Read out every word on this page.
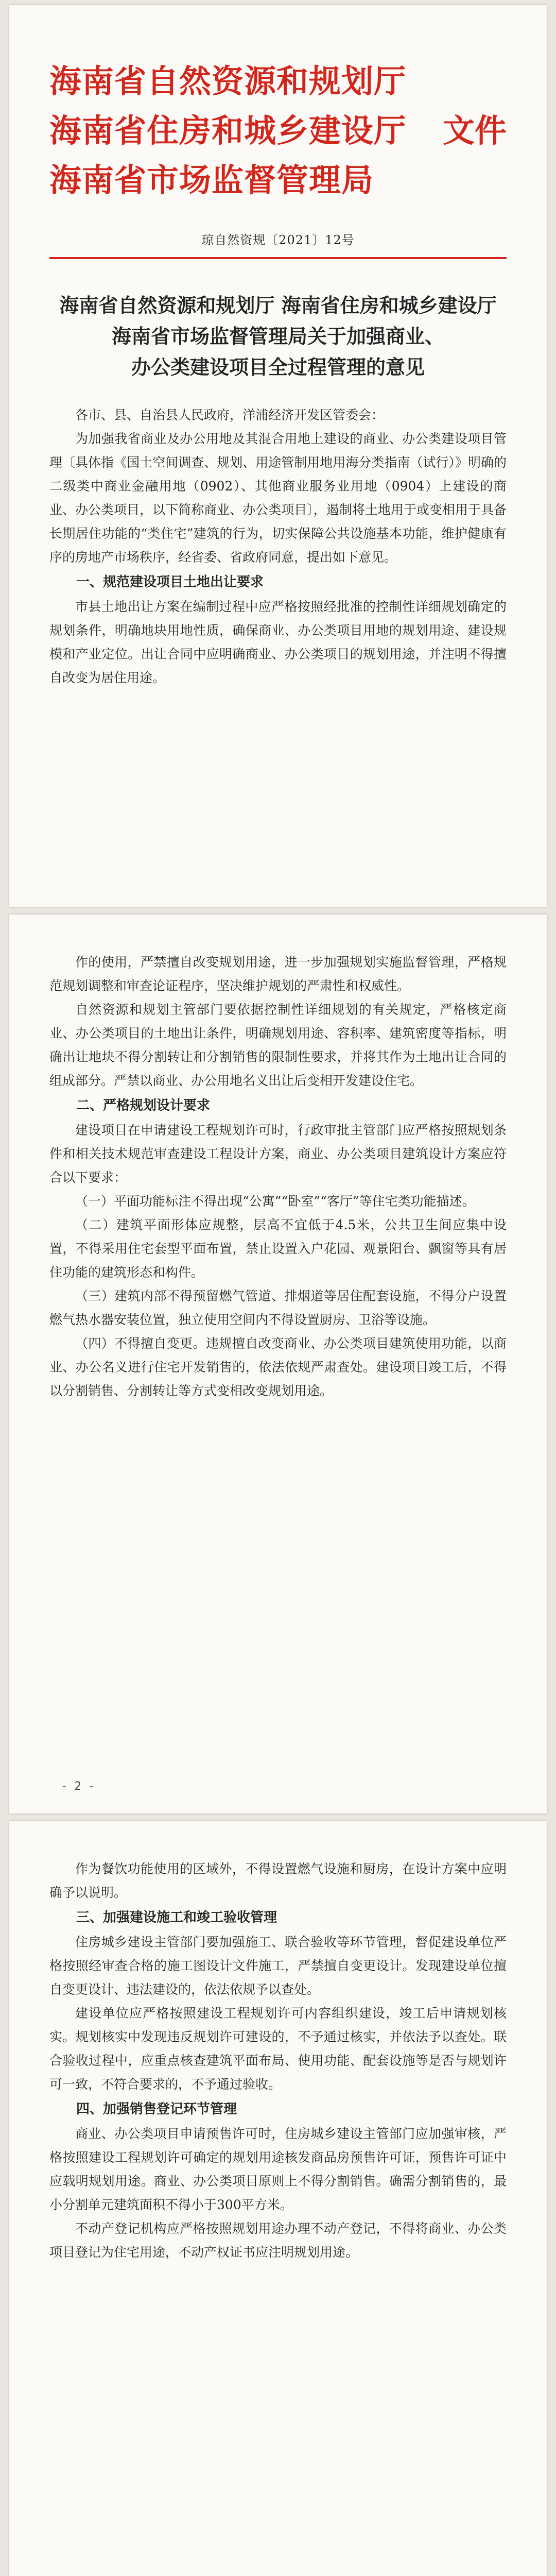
海南省自然资源和规划厅
海南省住房和城乡建设厅
海南省市场监督管理局
文件
琼自然资规〔2021〕12号
海南省自然资源和规划厅 海南省住房和城乡建设厅
海南省市场监督管理局关于加强商业、
办公类建设项目全过程管理的意见

各市、县、自治县人民政府，洋浦经济开发区管委会：

为加强我省商业及办公用地及其混合用地上建设的商业、办公类建设项目管理〔具体指《国土空间调查、规划、用途管制用地用海分类指南（试行）》明确的二级类中商业金融用地（0902）、其他商业服务业用地（0904）上建设的商业、办公类项目，以下简称商业、办公类项目〕，遏制将土地用于或变相用于具备长期居住功能的“类住宅”建筑的行为，切实保障公共设施基本功能，维护健康有序的房地产市场秩序，经省委、省政府同意，提出如下意见。

一、规范建设项目土地出让要求

市县土地出让方案在编制过程中应严格按照经批准的控制性详细规划确定的规划条件，明确地块用地性质，确保商业、办公类项目用地的规划用途、建设规模和产业定位。出让合同中应明确商业、办公类项目的规划用途，并注明不得擅自改变为居住用途。

作的使用，严禁擅自改变规划用途，进一步加强规划实施监督管理，严格规范规划调整和审查论证程序，坚决维护规划的严肃性和权威性。

自然资源和规划主管部门要依据控制性详细规划的有关规定，严格核定商业、办公类项目的土地出让条件，明确规划用途、容积率、建筑密度等指标，明确出让地块不得分割转让和分割销售的限制性要求，并将其作为土地出让合同的组成部分。严禁以商业、办公用地名义出让后变相开发建设住宅。

二、严格规划设计要求

建设项目在申请建设工程规划许可时，行政审批主管部门应严格按照规划条件和相关技术规范审查建设工程设计方案，商业、办公类项目建筑设计方案应符合以下要求：

（一）平面功能标注不得出现“公寓”“卧室”“客厅”等住宅类功能描述。

（二）建筑平面形体应规整，层高不宜低于4.5米，公共卫生间应集中设置，不得采用住宅套型平面布置，禁止设置入户花园、观景阳台、飘窗等具有居住功能的建筑形态和构件。

（三）建筑内部不得预留燃气管道、排烟道等居住配套设施，不得分户设置燃气热水器安装位置，独立使用空间内不得设置厨房、卫浴等设施。

（四）不得擅自变更。违规擅自改变商业、办公类项目建筑使用功能，以商业、办公名义进行住宅开发销售的，依法依规严肃查处。建设项目竣工后，不得以分割销售、分割转让等方式变相改变规划用途。

- 2 -

作为餐饮功能使用的区域外，不得设置燃气设施和厨房，在设计方案中应明确予以说明。

三、加强建设施工和竣工验收管理

住房城乡建设主管部门要加强施工、联合验收等环节管理，督促建设单位严格按照经审查合格的施工图设计文件施工，严禁擅自变更设计。发现建设单位擅自变更设计、违法建设的，依法依规予以查处。

建设单位应严格按照建设工程规划许可内容组织建设，竣工后申请规划核实。规划核实中发现违反规划许可建设的，不予通过核实，并依法予以查处。联合验收过程中，应重点核查建筑平面布局、使用功能、配套设施等是否与规划许可一致，不符合要求的，不予通过验收。

四、加强销售登记环节管理

商业、办公类项目申请预售许可时，住房城乡建设主管部门应加强审核，严格按照建设工程规划许可确定的规划用途核发商品房预售许可证，预售许可证中应载明规划用途。商业、办公类项目原则上不得分割销售。确需分割销售的，最小分割单元建筑面积不得小于300平方米。

不动产登记机构应严格按照规划用途办理不动产登记，不得将商业、办公类项目登记为住宅用途，不动产权证书应注明规划用途。
